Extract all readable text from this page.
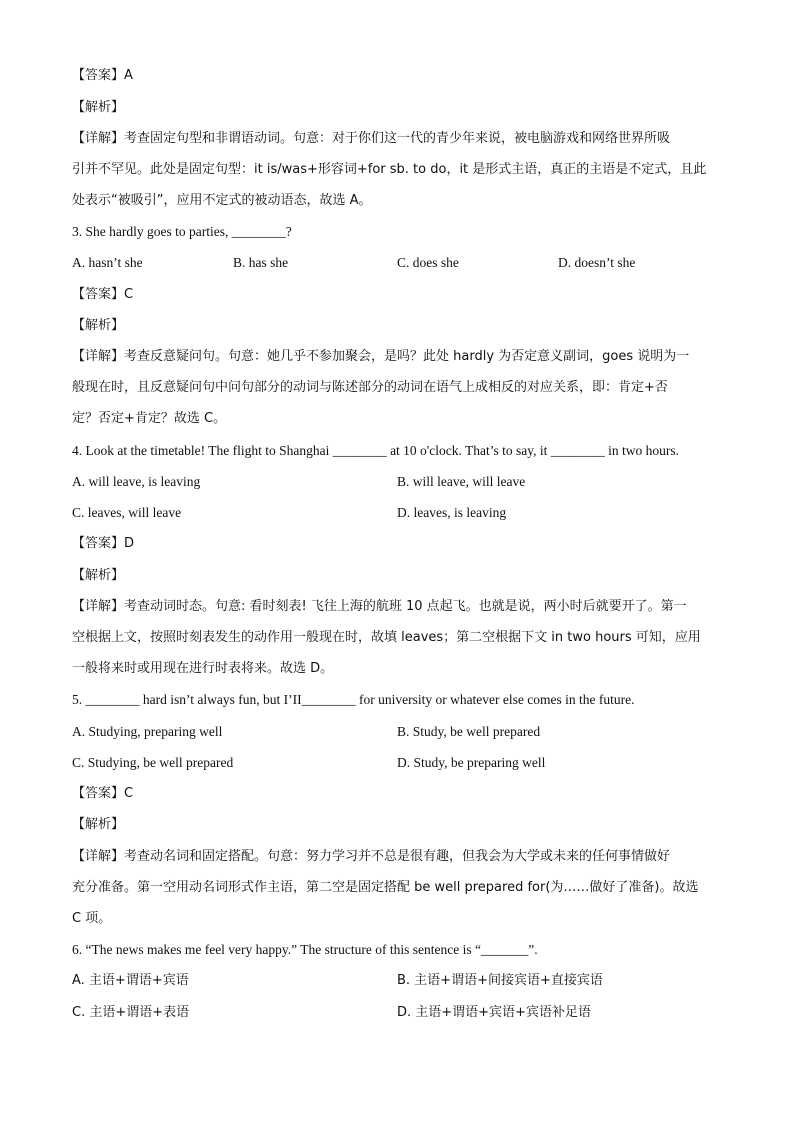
【答案】A
【解析】
【详解】考查固定句型和非谓语动词。句意：对于你们这一代的青少年来说，被电脑游戏和网络世界所吸
引并不罕见。此处是固定句型：it is/was+形容词+for sb. to do，it 是形式主语，真正的主语是不定式，且此
处表示“被吸引”，应用不定式的被动语态，故选 A。
3. She hardly goes to parties, ________?
A. hasn’t she	B. has she	C. does she	D. doesn’t she
【答案】C
【解析】
【详解】考查反意疑问句。句意：她几乎不参加聚会，是吗？此处 hardly 为否定意义副词，goes 说明为一
般现在时，且反意疑问句中问句部分的动词与陈述部分的动词在语气上成相反的对应关系，即：肯定+否
定？否定+肯定？故选 C。
4. Look at the timetable! The flight to Shanghai ________ at 10 o'clock. That’s to say, it ________ in two hours.
A. will leave, is leaving	B. will leave, will leave
C. leaves, will leave	D. leaves, is leaving
【答案】D
【解析】
【详解】考查动词时态。句意: 看时刻表! 飞往上海的航班 10 点起飞。也就是说，两小时后就要开了。第一
空根据上文，按照时刻表发生的动作用一般现在时，故填 leaves；第二空根据下文 in two hours 可知，应用
一般将来时或用现在进行时表将来。故选 D。
5. ________ hard isn’t always fun, but I’II________ for university or whatever else comes in the future.
A. Studying, preparing well	B. Study, be well prepared
C. Studying, be well prepared	D. Study, be preparing well
【答案】C
【解析】
【详解】考查动名词和固定搭配。句意：努力学习并不总是很有趣，但我会为大学或未来的任何事情做好
充分准备。第一空用动名词形式作主语，第二空是固定搭配 be well prepared for(为……做好了准备)。故选
C 项。
6. “The news makes me feel very happy.” The structure of this sentence is “_______”.
A. 主语+谓语+宾语	B. 主语+谓语+间接宾语+直接宾语
C. 主语+谓语+表语	D. 主语+谓语+宾语+宾语补足语
